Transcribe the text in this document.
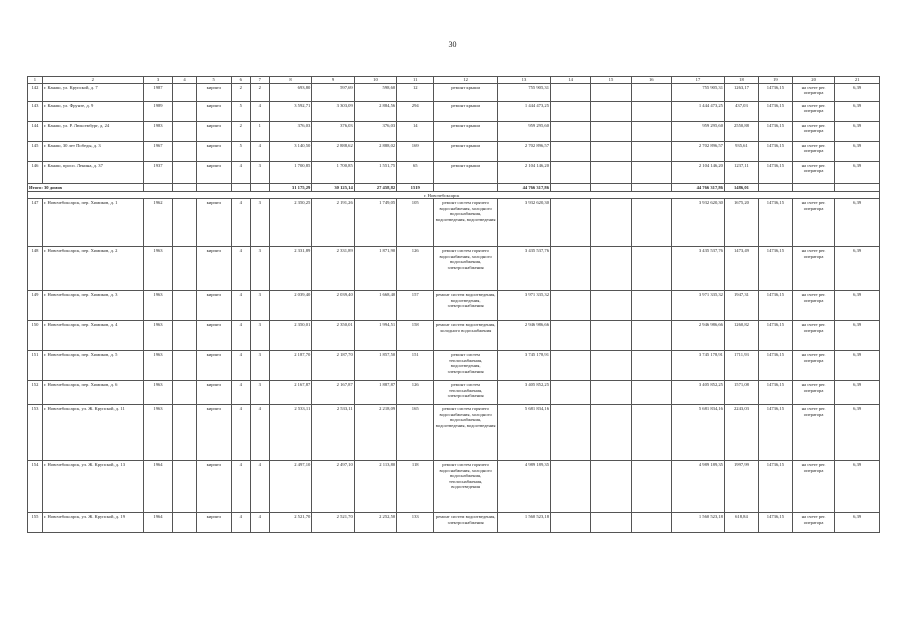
30
1	2	3	4	5	6	7	8	9	10	11	12	13	14	15	16	17	18	19	20	21
142	г. Канаш, ул. Крупской, д. 7	1987		кирпич	2	2	693,80	597,69	598,60	12	ремонт крыши	755 905,31				755 905,31	1263,17	14736,15	на счете рег. оператора	6,39
143	г. Канаш, ул. Фрунзе, д. 9	1989		кирпич	5	4	3 592,71	3 303,09	2 884,56	294	ремонт крыши	1 444 473,25				1 444 473,25	437,03	14736,15	на счете рег. оператора	6,39
144	г. Канаш, ул. Р. Люксембург, д. 24	1983		кирпич	2	1	376,03	376,03	376,03	14	ремонт крыши	959 295,60				959 295,60	2550,88	14736,15	на счете рег. оператора	6,39
145	г. Канаш, 30 лет Победы, д. 3	1967		кирпич	5	4	3 140,50	2 888,62	2 888,02	169	ремонт крыши	2 702 896,57				2 702 896,57	935,61	14736,15	на счете рег. оператора	6,39
146	г. Канаш, просп. Ленина, д. 37	1937		кирпич	4	3	1 700,85	1 700,85	1 551,75	65	ремонт крыши	2 104 146,20				2 104 146,20	1237,11	14736,15	на счете рег. оператора	6,39
Итого: 30 домов							31 175,29	30 125,14	27 458,82	1519		44 766 317,86				44 766 317,86	1486,01			
г. Новочебоксарск																				
147	г. Новочебоксарск, пер. Химиков, д. 1	1962		кирпич	4	3	2 350,25	2 191,26	1 749,05	105	ремонт систем горячего водоснабжения, холодного водоснабжения, водоотведения, водоотведения	3 932 620,30				3 932 620,30	1675,20	14736,15	на счете рег. оператора	6,39
148	г. Новочебоксарск, пер. Химиков, д. 2	1963		кирпич	4	3	2 331,89	2 331,89	1 871,90	126	ремонт систем горячего водоснабжения, холодного водоснабжения, электроснабжения	3 435 537,76				3 435 537,76	1473,49	14736,15	на счете рег. оператора	6,39
149	г. Новочебоксарск, пер. Химиков, д. 3	1963		кирпич	4	3	2 039,40	2 039,40	1 668,40	157	ремонт систем водоотведения, водоотведения, электроснабжения	3 971 335,32				3 971 335,32	1947,31	14736,15	на счете рег. оператора	6,39
150	г. Новочебоксарск, пер. Химиков, д. 4	1963		кирпич	4	3	2 350,01	2 350,01	1 994,51	158	ремонт систем водоотведения, холодного водоснабжения	2 946 986,66				2 946 986,66	1260,82	14736,15	на счете рег. оператора	6,39
151	г. Новочебоксарск, пер. Химиков, д. 5	1963		кирпич	4	3	2 187,70	2 187,70	1 857,50	151	ремонт систем теплоснабжения, водоотведения, электроснабжения	3 745 178,91				3 745 178,91	1711,93	14736,15	на счете рег. оператора	6,39
152	г. Новочебоксарск, пер. Химиков, д. 6	1963		кирпич	4	3	2 167,87	2 167,87	1 887,87	126	ремонт систем теплоснабжения, электроснабжения	3 405 852,25				3 405 852,25	1571,08	14736,15	на счете рег. оператора	6,39
153	г. Новочебоксарск, ул. Ж. Крупской, д. 11	1963		кирпич	4	4	2 533,11	2 533,11	2 218,09	165	ремонт систем горячего водоснабжения, холодного водоснабжения, водоотведения, водоотведения	5 681 834,16				5 681 834,16	2243,03	14736,15	на счете рег. оператора	6,39
154	г. Новочебоксарск, ул. Ж. Крупской, д. 13	1964		кирпич	4	4	2 497,10	2 497,10	2 113,80	118	ремонт систем горячего водоснабжения, холодного водоснабжения, теплоснабжения, водоотведения	4 989 189,35				4 989 189,35	1997,99	14736,15	на счете рег. оператора	6,39
155	г. Новочебоксарск, ул. Ж. Крупской, д. 19	1964		кирпич	4	4	2 521,70	2 521,70	2 252,50	133	ремонт систем водоотведения, электроснабжения	1 560 523,18				1 560 523,18	618,84	14736,15	на счете рег. оператора	6,39
